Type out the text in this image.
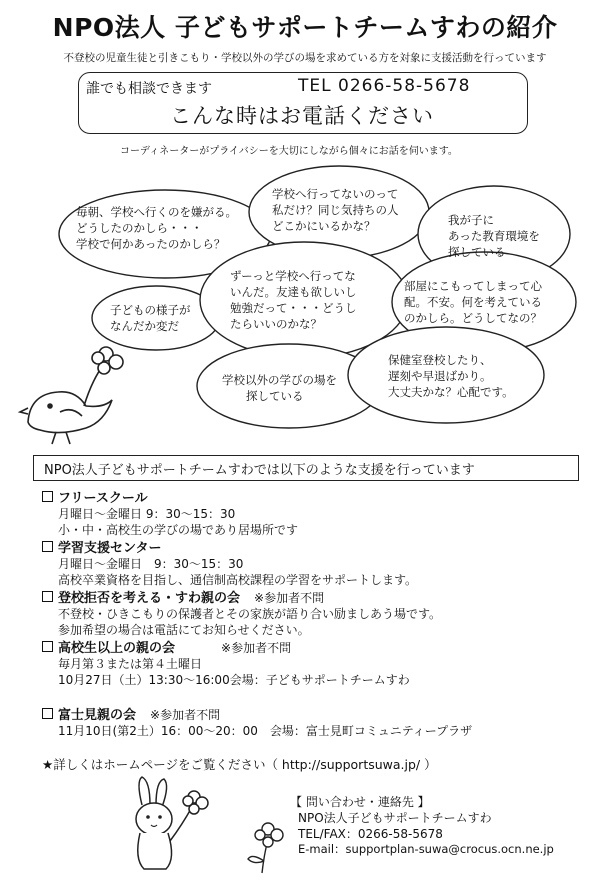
NPO法人 子どもサポートチームすわの紹介
不登校の児童生徒と引きこもり・学校以外の学びの場を求めている方を対象に支援活動を行っています
誰でも相談できます	TEL 0266-58-5678
こんな時はお電話ください
コーディネーターがプライバシーを大切にしながら個々にお話を伺います。
毎朝、学校へ行くのを嫌がる。
どうしたのかしら・・・
学校で何かあったのかしら？
学校へ行ってないのって
私だけ？同じ気持ちの人
どこかにいるかな？	我が子に
あった教育環境を
探している
ずーっと学校へ行ってな
いんだ。友達も欲しいし
勉強だって・・・どうし
たらいいのかな？
部屋にこもってしまって心
配。不安。何を考えている
のかしら。どうしてなの？
子どもの様子が
なんだか変だ
学校以外の学びの場を
探している
保健室登校したり、
遅刻や早退ばかり。
大丈夫かな？心配です。
NPO法人子どもサポートチームすわでは以下のような支援を行っています
フリースクール
月曜日～金曜日 9：30～15：30
小・中・高校生の学びの場であり居場所です
学習支援センター
月曜日～金曜日　9：30～15：30
高校卒業資格を目指し、通信制高校課程の学習をサポートします。
登校拒否を考える・すわ親の会 ※参加者不問
不登校・ひきこもりの保護者とその家族が語り合い励ましあう場です。
参加希望の場合は電話にてお知らせください。
高校生以上の親の会	※参加者不問
毎月第３または第４土曜日
10月27日（土）13:30～16:00会場：子どもサポートチームすわ
富士見親の会 ※参加者不問
11月10日(第2土）16：00～20：00　会場：富士見町コミュニティープラザ
★詳しくはホームページをご覧ください（ http://supportsuwa.jp/ ）
【 問い合わせ・連絡先 】
NPO法人子どもサポートチームすわ
TEL/FAX：0266-58-5678
E-mail：supportplan-suwa@crocus.ocn.ne.jp
